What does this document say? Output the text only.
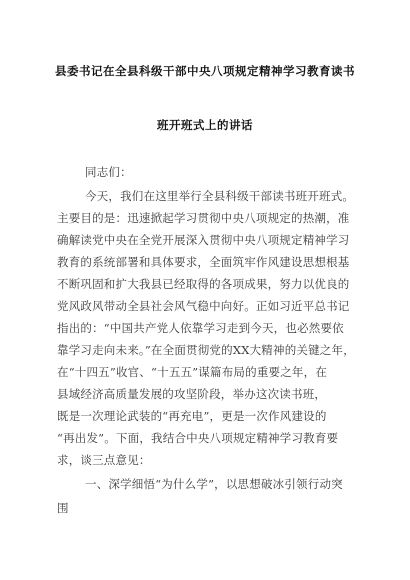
县委书记在全县科级干部中央八项规定精神学习教育读书
班开班式上的讲话
同志们：
今天，我们在这里举行全县科级干部读书班开班式。
主要目的是：迅速掀起学习贯彻中央八项规定的热潮，准
确解读党中央在全党开展深入贯彻中央八项规定精神学习
教育的系统部署和具体要求，全面筑牢作风建设思想根基
不断巩固和扩大我县已经取得的各项成果，努力以优良的
党风政风带动全县社会风气稳中向好。正如习近平总书记
指出的：“中国共产党人依靠学习走到今天，也必然要依
靠学习走向未来。”在全面贯彻党的XX大精神的关键之年，
在“十四五”收官、“十五五”谋篇布局的重要之年，在
县域经济高质量发展的攻坚阶段，举办这次读书班，
既是一次理论武装的“再充电”，更是一次作风建设的
“再出发”。下面，我结合中央八项规定精神学习教育要
求，谈三点意见：
一、深学细悟“为什么学”，以思想破冰引领行动突
围
